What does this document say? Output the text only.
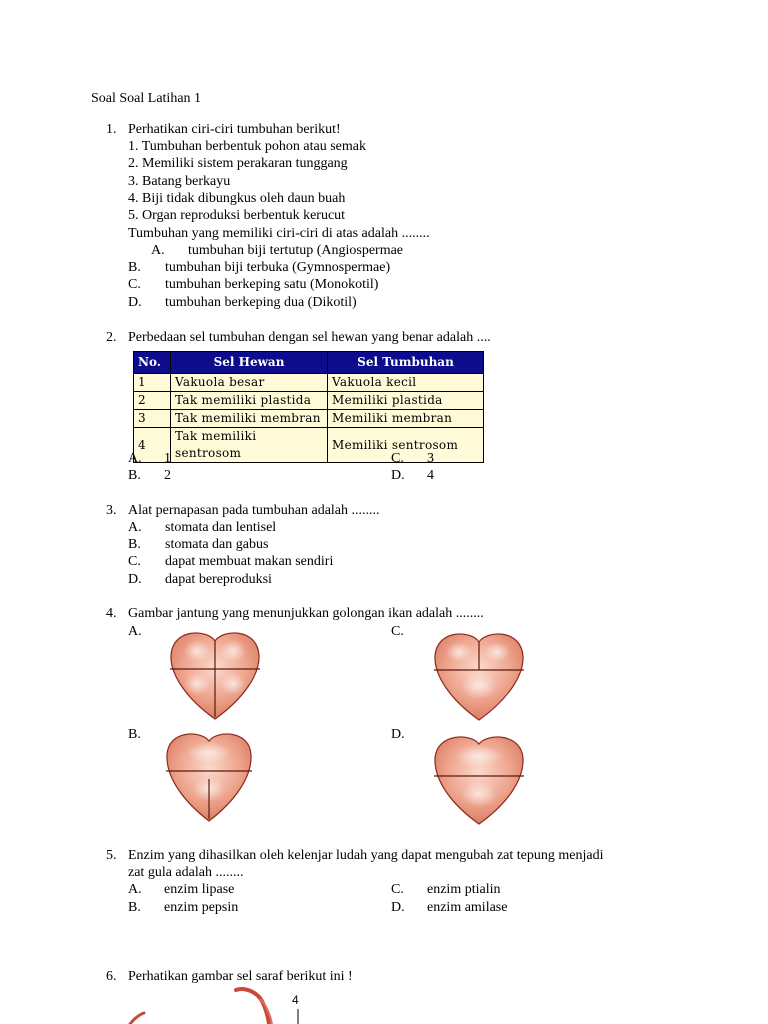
Soal Soal Latihan 1
1. Perhatikan ciri-ciri tumbuhan berikut!
1. Tumbuhan berbentuk pohon atau semak
2. Memiliki sistem perakaran tunggang
3. Batang berkayu
4. Biji tidak dibungkus oleh daun buah
5. Organ reproduksi berbentuk kerucut
Tumbuhan yang memiliki ciri-ciri di atas adalah ........
A. tumbuhan biji tertutup (Angiospermae
B. tumbuhan biji terbuka (Gymnospermae)
C. tumbuhan berkeping satu (Monokotil)
D. tumbuhan berkeping dua (Dikotil)
2. Perbedaan sel tumbuhan dengan sel hewan yang benar adalah ....
No.	Sel Hewan	Sel Tumbuhan
1	Vakuola besar	Vakuola kecil
2	Tak memiliki plastida	Memiliki plastida
3	Tak memiliki membran	Memiliki membran
4	Tak memiliki sentrosom	Memiliki sentrosom
A. 1	C. 3
B. 2	D. 4
3. Alat pernapasan pada tumbuhan adalah ........
A. stomata dan lentisel
B. stomata dan gabus
C. dapat membuat makan sendiri
D. dapat bereproduksi
4. Gambar jantung yang menunjukkan golongan ikan adalah ........
A.	C.
B.	D.
5. Enzim yang dihasilkan oleh kelenjar ludah yang dapat mengubah zat tepung menjadi
zat gula adalah ........
A. enzim lipase	C. enzim ptialin
B. enzim pepsin	D. enzim amilase
6. Perhatikan gambar sel saraf berikut ini !
4
